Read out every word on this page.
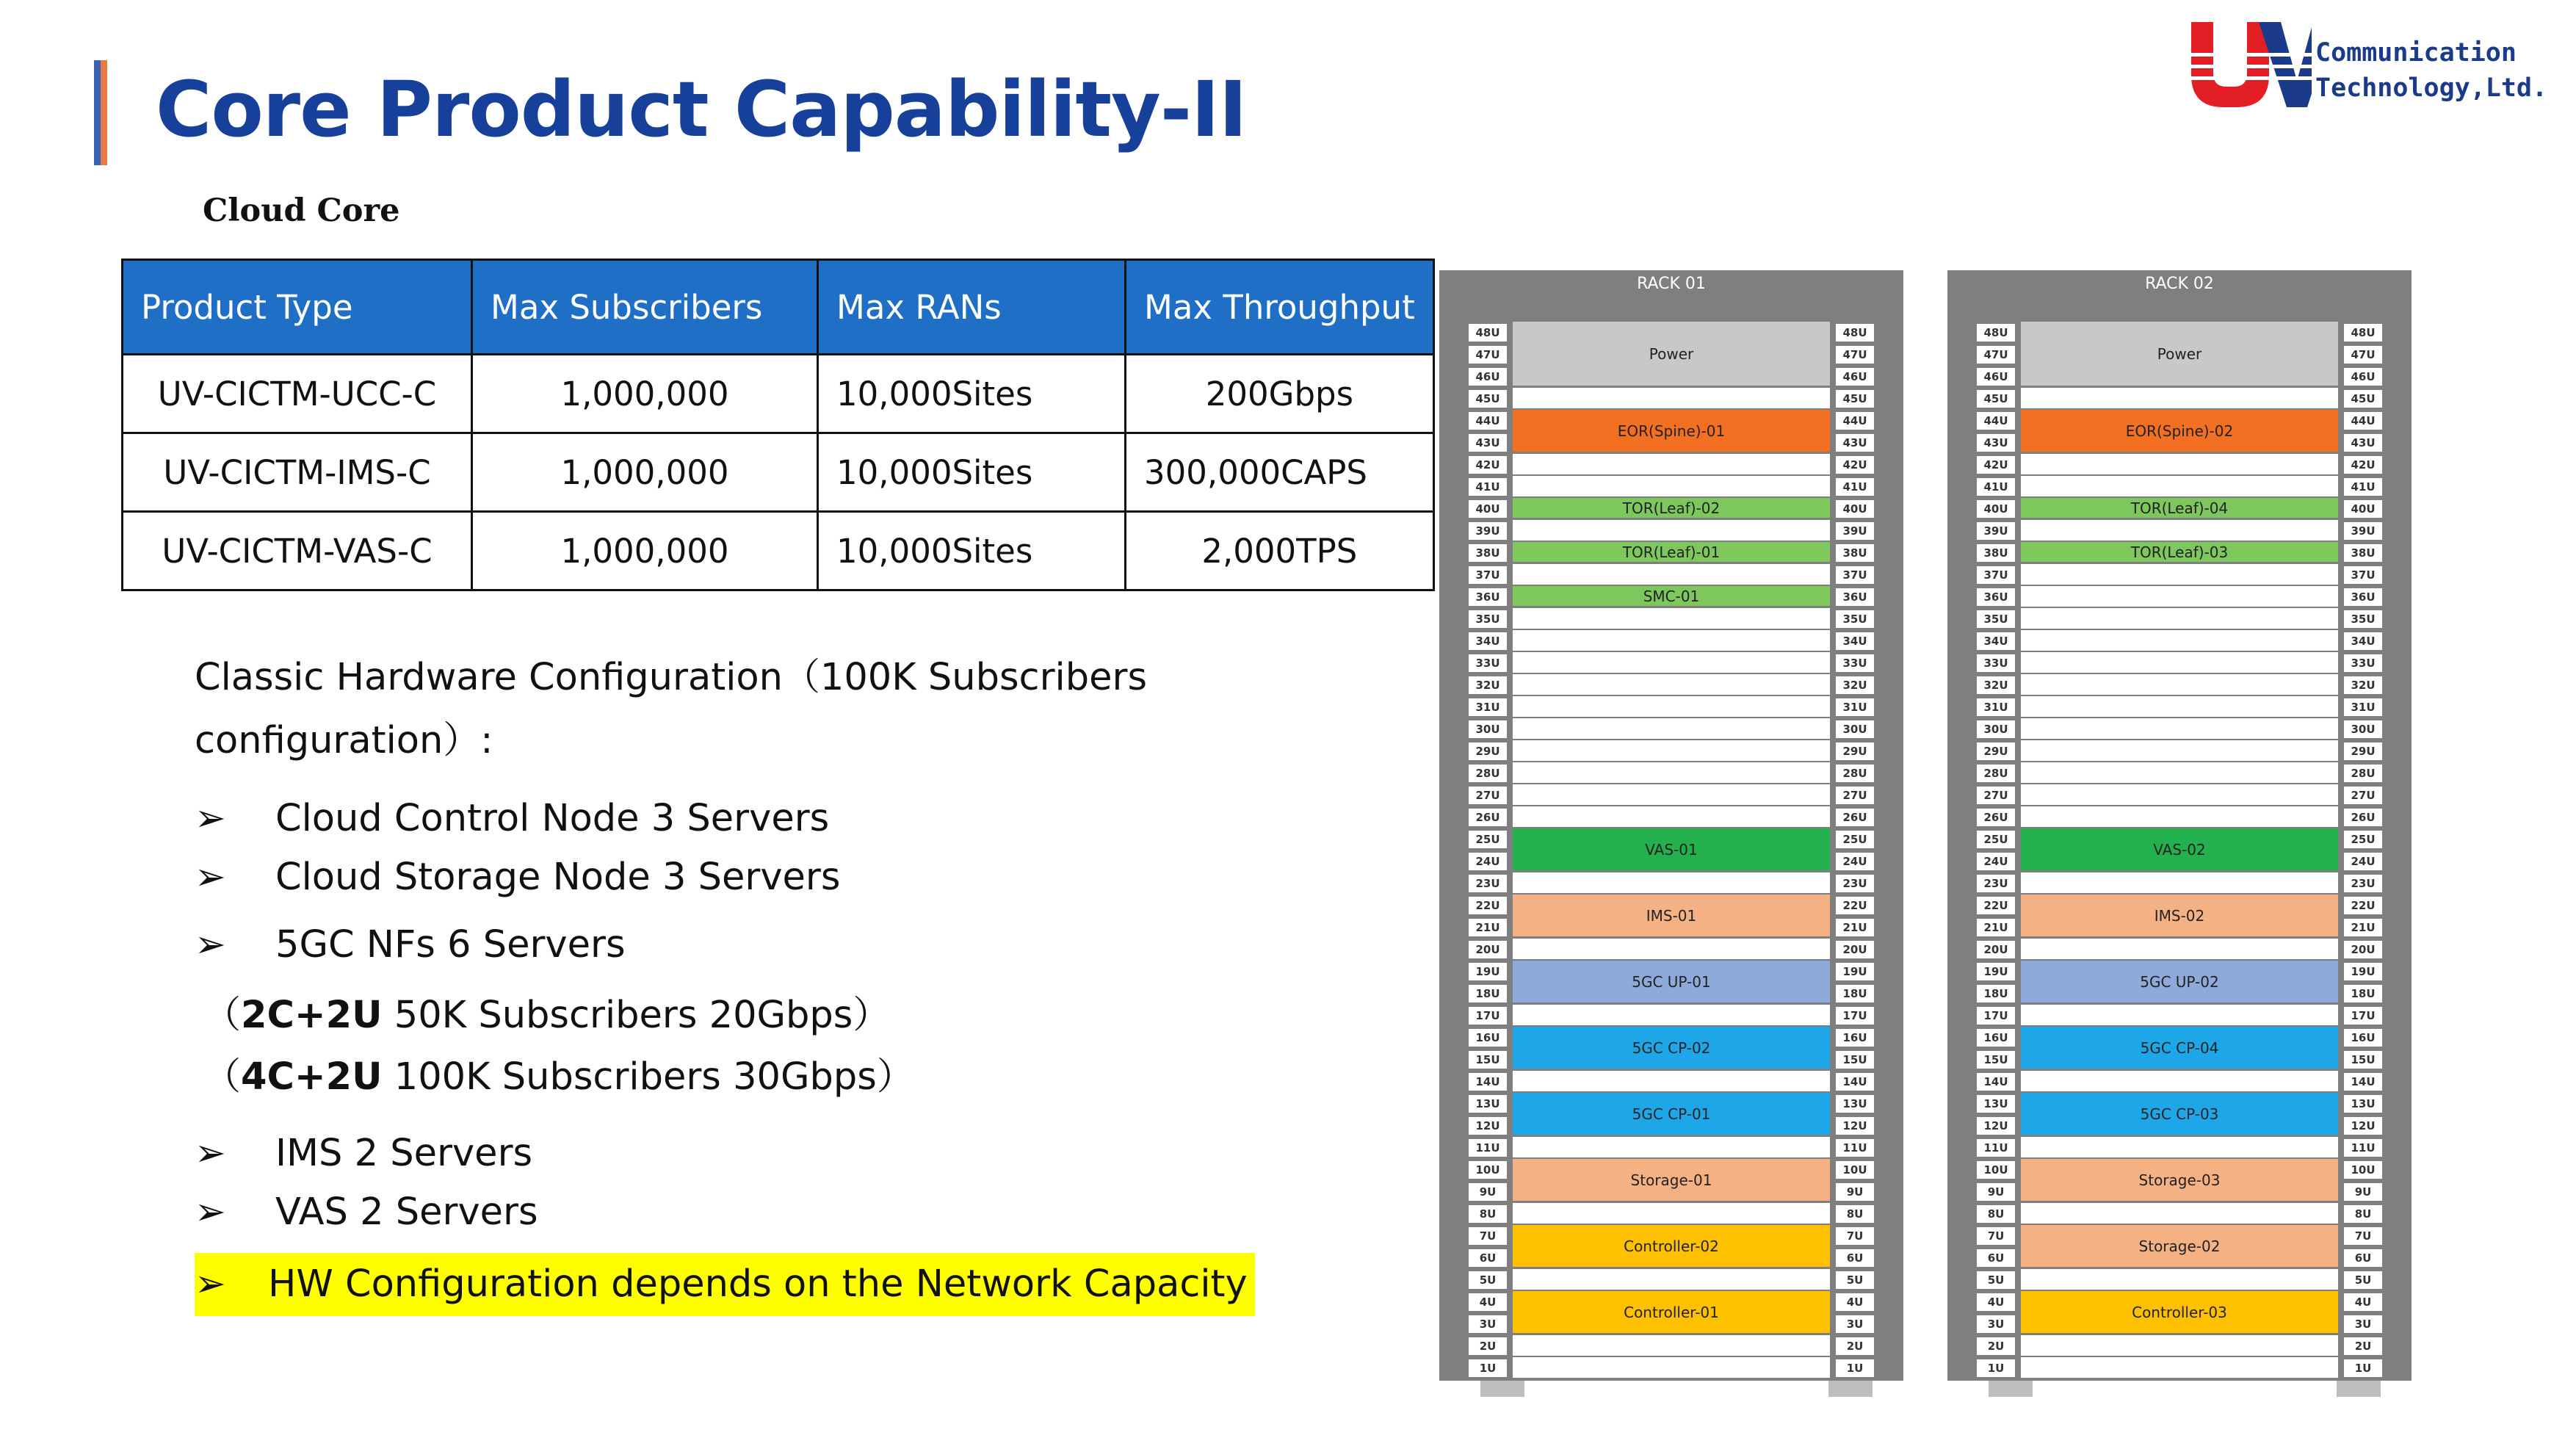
Core Product Capability-II
Communication
Technology,Ltd.
Cloud Core
Product Type	Max Subscribers	Max RANs	Max Throughput
UV-CICTM-UCC-C	1,000,000	10,000Sites	200Gbps
UV-CICTM-IMS-C	1,000,000	10,000Sites	300,000CAPS
UV-CICTM-VAS-C	1,000,000	10,000Sites	2,000TPS
Classic Hardware Configuration（100K Subscribers
configuration）:
➢	Cloud Control Node 3 Servers
➢	Cloud Storage Node 3 Servers
➢	5GC NFs 6 Servers
（2C+2U 50K Subscribers 20Gbps）
（4C+2U 100K Subscribers 30Gbps）
➢	IMS 2 Servers
➢	VAS 2 Servers
➢ HW Configuration depends on the Network Capacity
RACK 01
48U	48U
47U	47U
46U	46U
45U	45U
44U	44U
43U	43U
42U	42U
41U	41U
40U	40U
39U	39U
38U	38U
37U	37U
36U	36U
35U	35U
34U	34U
33U	33U
32U	32U
31U	31U
30U	30U
29U	29U
28U	28U
27U	27U
26U	26U
25U	25U
24U	24U
23U	23U
22U	22U
21U	21U
20U	20U
19U	19U
18U	18U
17U	17U
16U	16U
15U	15U
14U	14U
13U	13U
12U	12U
11U	11U
10U	10U
9U	9U
8U	8U
7U	7U
6U	6U
5U	5U
4U	4U
3U	3U
2U	2U
1U	1U
Power
EOR(Spine)-01
TOR(Leaf)-02
TOR(Leaf)-01
SMC-01
VAS-01
IMS-01
5GC UP-01
5GC CP-02
5GC CP-01
Storage-01
Controller-02
Controller-01
RACK 02
48U	48U
47U	47U
46U	46U
45U	45U
44U	44U
43U	43U
42U	42U
41U	41U
40U	40U
39U	39U
38U	38U
37U	37U
36U	36U
35U	35U
34U	34U
33U	33U
32U	32U
31U	31U
30U	30U
29U	29U
28U	28U
27U	27U
26U	26U
25U	25U
24U	24U
23U	23U
22U	22U
21U	21U
20U	20U
19U	19U
18U	18U
17U	17U
16U	16U
15U	15U
14U	14U
13U	13U
12U	12U
11U	11U
10U	10U
9U	9U
8U	8U
7U	7U
6U	6U
5U	5U
4U	4U
3U	3U
2U	2U
1U	1U
Power
EOR(Spine)-02
TOR(Leaf)-04
TOR(Leaf)-03
VAS-02
IMS-02
5GC UP-02
5GC CP-04
5GC CP-03
Storage-03
Storage-02
Controller-03
